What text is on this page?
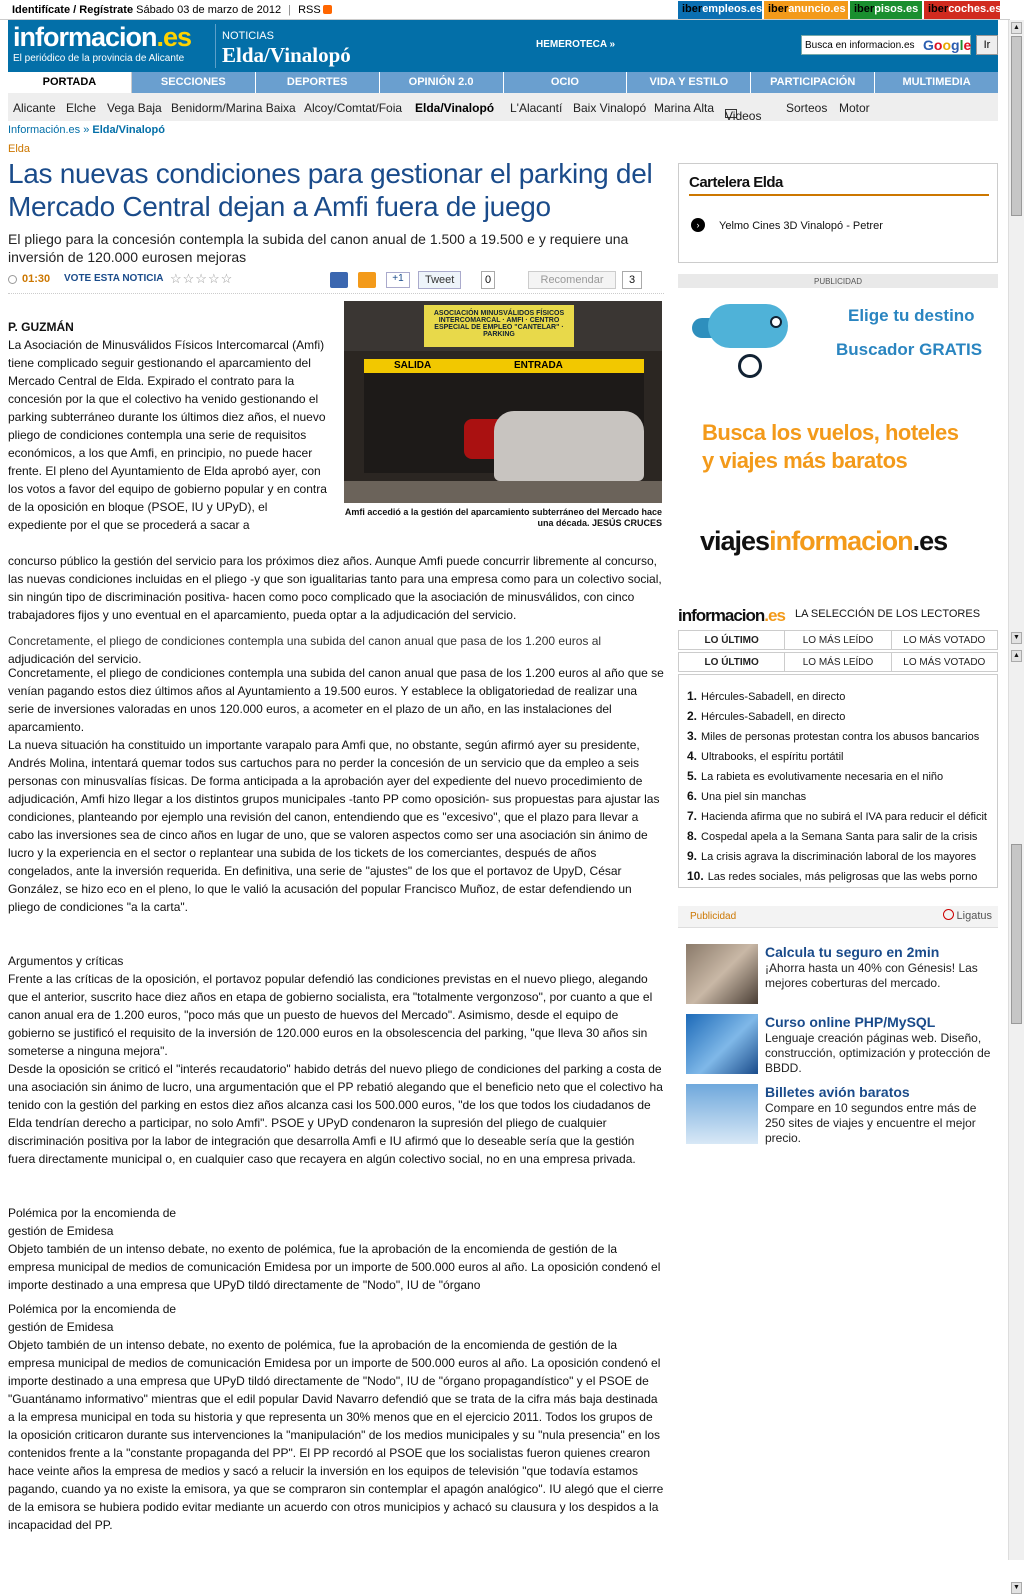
Identifícate / Regístrate Sábado 03 de marzo de 2012 | RSS	iberempleos.es iberanuncio.es iberpisos.es ibercoches.es
informacion.es
El periódico de la provincia de Alicante
NOTICIAS
Elda/Vinalopó	HEMEROTECA »
Busca en informacion.es	Google	Ir
PORTADA	SECCIONES	DEPORTES	OPINIÓN 2.0	OCIO	VIDA Y ESTILO	PARTICIPACIÓN	MULTIMEDIA
Alicante Elche Vega Baja Benidorm/Marina Baixa Alcoy/Comtat/Foia Elda/Vinalopó L'Alacantí Baix Vinalopó Marina Alta
Videos
Sorteos Motor
Información.es » Elda/Vinalopó
Elda
Las nuevas condiciones para gestionar el parking del Mercado Central dejan a Amfi fuera de juego
El pliego para la concesión contempla la subida del canon anual de 1.500 a 19.500 e y requiere una inversión de 120.000 eurosen mejoras
01:30 VOTE ESTA NOTICIA ☆☆☆☆☆	+1	Tweet	0	Recomendar	3
ASOCIACIÓN MINUSVÁLIDOS FÍSICOS INTERCOMARCAL · AMFI · CENTRO ESPECIAL DE EMPLEO "CANTELAR" · PARKING
SALIDA	ENTRADA
Amfi accedió a la gestión del aparcamiento subterráneo del Mercado hace una década. JESÚS CRUCES
P. GUZMÁN
La Asociación de Minusválidos Físicos Intercomarcal (Amfi) tiene complicado seguir gestionando el aparcamiento del Mercado Central de Elda. Expirado el contrato para la concesión por la que el colectivo ha venido gestionando el parking subterráneo durante los últimos diez años, el nuevo pliego de condiciones contempla una serie de requisitos económicos, a los que Amfi, en principio, no puede hacer frente. El pleno del Ayuntamiento de Elda aprobó ayer, con los votos a favor del equipo de gobierno popular y en contra de la oposición en bloque (PSOE, IU y UPyD), el expediente por el que se procederá a sacar a
concurso público la gestión del servicio para los próximos diez años. Aunque Amfi puede concurrir libremente al concurso, las nuevas condiciones incluidas en el pliego -y que son igualitarias tanto para una empresa como para un colectivo social, sin ningún tipo de discriminación positiva- hacen como poco complicado que la asociación de minusválidos, con cinco trabajadores fijos y uno eventual en el aparcamiento, pueda optar a la adjudicación del servicio.
Concretamente, el pliego de condiciones contempla una subida del canon anual que pasa de los 1.200 euros al
adjudicación del servicio.
Concretamente, el pliego de condiciones contempla una subida del canon anual que pasa de los 1.200 euros al año que se venían pagando estos diez últimos años al Ayuntamiento a 19.500 euros. Y establece la obligatoriedad de realizar una serie de inversiones valoradas en unos 120.000 euros, a acometer en el plazo de un año, en las instalaciones del aparcamiento.
La nueva situación ha constituido un importante varapalo para Amfi que, no obstante, según afirmó ayer su presidente, Andrés Molina, intentará quemar todos sus cartuchos para no perder la concesión de un servicio que da empleo a seis personas con minusvalías físicas. De forma anticipada a la aprobación ayer del expediente del nuevo procedimiento de adjudicación, Amfi hizo llegar a los distintos grupos municipales -tanto PP como oposición- sus propuestas para ajustar las condiciones, planteando por ejemplo una revisión del canon, entendiendo que es "excesivo", que el plazo para llevar a cabo las inversiones sea de cinco años en lugar de uno, que se valoren aspectos como ser una asociación sin ánimo de lucro y la experiencia en el sector o replantear una subida de los tickets de los comerciantes, después de años congelados, ante la inversión requerida. En definitiva, una serie de "ajustes" de los que el portavoz de UpyD, César González, se hizo eco en el pleno, lo que le valió la acusación del popular Francisco Muñoz, de estar defendiendo un pliego de condiciones "a la carta".
Argumentos y críticas
Frente a las críticas de la oposición, el portavoz popular defendió las condiciones previstas en el nuevo pliego, alegando que el anterior, suscrito hace diez años en etapa de gobierno socialista, era "totalmente vergonzoso", por cuanto a que el canon anual era de 1.200 euros, "poco más que un puesto de huevos del Mercado". Asimismo, desde el equipo de gobierno se justificó el requisito de la inversión de 120.000 euros en la obsolescencia del parking, "que lleva 30 años sin someterse a ninguna mejora".
Desde la oposición se criticó el "interés recaudatorio" habido detrás del nuevo pliego de condiciones del parking a costa de una asociación sin ánimo de lucro, una argumentación que el PP rebatió alegando que el beneficio neto que el colectivo ha tenido con la gestión del parking en estos diez años alcanza casi los 500.000 euros, "de los que todos los ciudadanos de Elda tendrían derecho a participar, no solo Amfi". PSOE y UPyD condenaron la supresión del pliego de cualquier discriminación positiva por la labor de integración que desarrolla Amfi e IU afirmó que lo deseable sería que la gestión fuera directamente municipal o, en cualquier caso que recayera en algún colectivo social, no en una empresa privada.
Polémica por la encomienda de
gestión de Emidesa
Objeto también de un intenso debate, no exento de polémica, fue la aprobación de la encomienda de gestión de la empresa municipal de medios de comunicación Emidesa por un importe de 500.000 euros al año. La oposición condenó el importe destinado a una empresa que UPyD tildó directamente de "Nodo", IU de "órgano
Polémica por la encomienda de
gestión de Emidesa
Objeto también de un intenso debate, no exento de polémica, fue la aprobación de la encomienda de gestión de la empresa municipal de medios de comunicación Emidesa por un importe de 500.000 euros al año. La oposición condenó el importe destinado a una empresa que UPyD tildó directamente de "Nodo", IU de "órgano propagandístico" y el PSOE de "Guantánamo informativo" mientras que el edil popular David Navarro defendió que se trata de la cifra más baja destinada a la empresa municipal en toda su historia y que representa un 30% menos que en el ejercicio 2011. Todos los grupos de la oposición criticaron durante sus intervenciones la "manipulación" de los medios municipales y su "nula presencia" en los contenidos frente a la "constante propaganda del PP". El PP recordó al PSOE que los socialistas fueron quienes crearon hace veinte años la empresa de medios y sacó a relucir la inversión en los equipos de televisión "que todavía estamos pagando, cuando ya no existe la emisora, ya que se compraron sin contemplar el apagón analógico". IU alegó que el cierre de la emisora se hubiera podido evitar mediante un acuerdo con otros municipios y achacó su clausura y los despidos a la incapacidad del PP.
Cartelera Elda
›	Yelmo Cines 3D Vinalopó - Petrer
PUBLICIDAD
Elige tu destino
Buscador GRATIS
Busca los vuelos, hoteles
y viajes más baratos
viajesinformacion.es
informacion.es LA SELECCIÓN DE LOS LECTORES
LO ÚLTIMO	LO MÁS LEÍDO	LO MÁS VOTADO
LO ÚLTIMO	LO MÁS LEÍDO	LO MÁS VOTADO
1. Hércules-Sabadell, en directo
2. Hércules-Sabadell, en directo
3. Miles de personas protestan contra los abusos bancarios
4. Ultrabooks, el espíritu portátil
5. La rabieta es evolutivamente necesaria en el niño
6. Una piel sin manchas
7. Hacienda afirma que no subirá el IVA para reducir el déficit
8. Cospedal apela a la Semana Santa para salir de la crisis
9. La crisis agrava la discriminación laboral de los mayores
10. Las redes sociales, más peligrosas que las webs porno
Publicidad	Ligatus
Calcula tu seguro en 2min
¡Ahorra hasta un 40% con Génesis! Las mejores coberturas del mercado.
Curso online PHP/MySQL
Lenguaje creación páginas web. Diseño, construcción, optimización y protección de BBDD.
Billetes avión baratos
Compare en 10 segundos entre más de 250 sites de viajes y encuentre el mejor precio.
▲
▼
▲
▼
